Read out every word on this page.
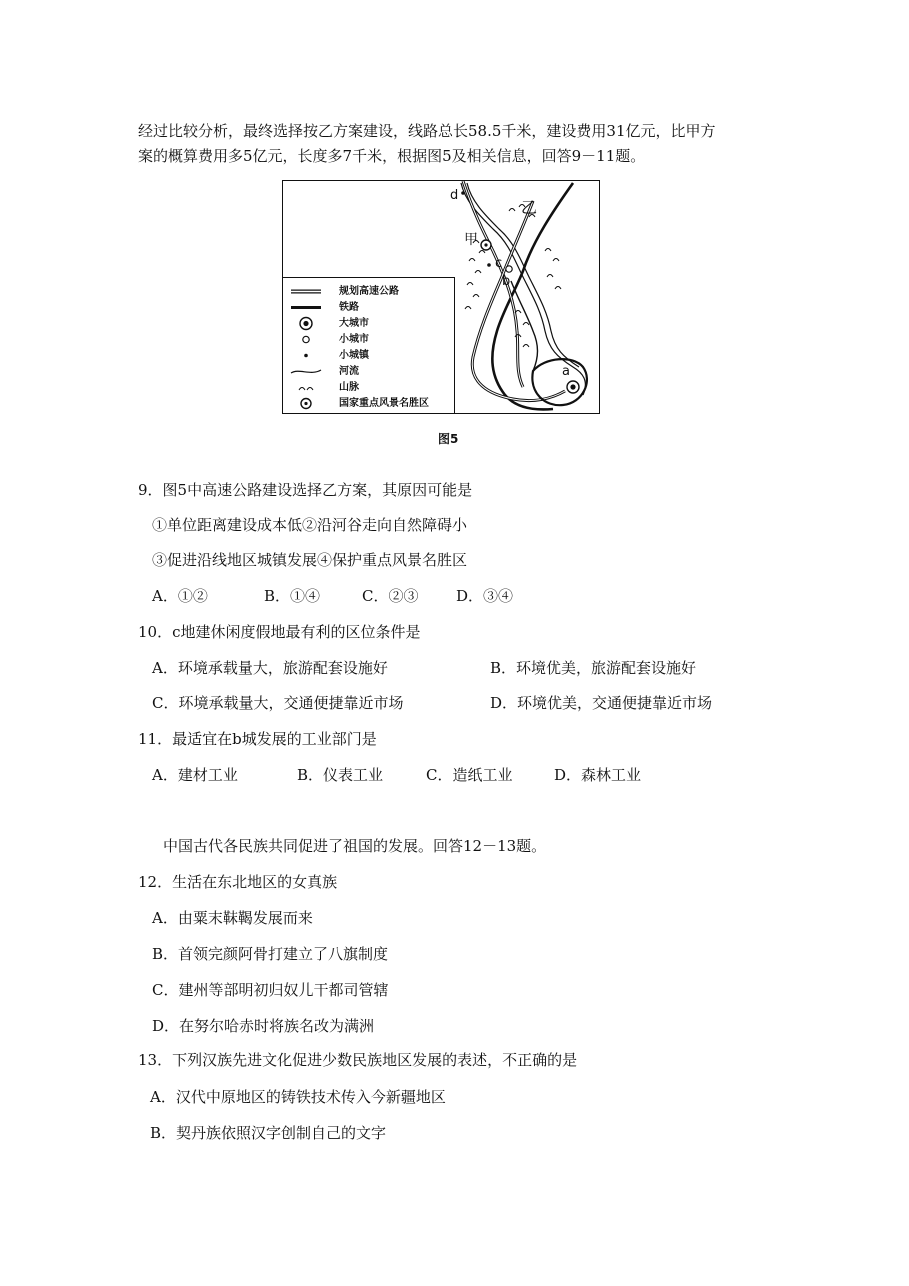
经过比较分析，最终选择按乙方案建设，线路总长58.5千米，建设费用31亿元，比甲方
案的概算费用多5亿元，长度多7千米，根据图5及相关信息，回答9－11题。
d
乙
甲
c
b
a
规划高速公路
铁路
大城市
小城市
小城镇
河流
山脉
国家重点风景名胜区
图5
9．图5中高速公路建设选择乙方案，其原因可能是
①单位距离建设成本低②沿河谷走向自然障碍小
③促进沿线地区城镇发展④保护重点风景名胜区
A．①②	B．①④	C．②③	D．③④
10．c地建休闲度假地最有利的区位条件是
A．环境承载量大，旅游配套设施好	B．环境优美，旅游配套设施好
C．环境承载量大，交通便捷靠近市场	D．环境优美，交通便捷靠近市场
11．最适宜在b城发展的工业部门是
A．建材工业	B．仪表工业	C．造纸工业	D．森林工业
中国古代各民族共同促进了祖国的发展。回答12－13题。
12．生活在东北地区的女真族
A．由粟末靺鞨发展而来
B．首领完颜阿骨打建立了八旗制度
C．建州等部明初归奴儿干都司管辖
D．在努尔哈赤时将族名改为满洲
13．下列汉族先进文化促进少数民族地区发展的表述，不正确的是
A．汉代中原地区的铸铁技术传入今新疆地区
B．契丹族依照汉字创制自己的文字
